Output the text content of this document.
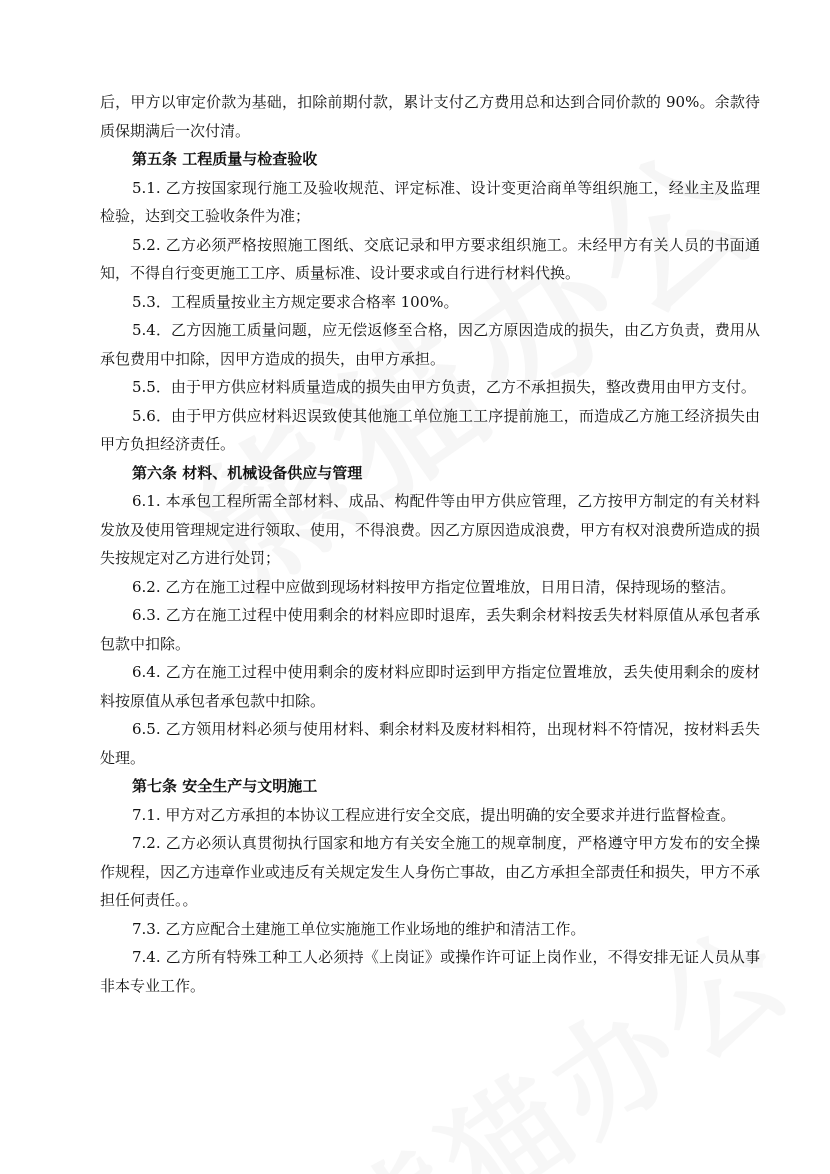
后，甲方以审定价款为基础，扣除前期付款，累计支付乙方费用总和达到合同价款的 90%。余款待质保期满后一次付清。

第五条 工程质量与检查验收

5.1. 乙方按国家现行施工及验收规范、评定标准、设计变更洽商单等组织施工，经业主及监理检验，达到交工验收条件为准；

5.2. 乙方必须严格按照施工图纸、交底记录和甲方要求组织施工。未经甲方有关人员的书面通知，不得自行变更施工工序、质量标准、设计要求或自行进行材料代换。

5.3．工程质量按业主方规定要求合格率 100%。

5.4．乙方因施工质量问题，应无偿返修至合格，因乙方原因造成的损失，由乙方负责，费用从承包费用中扣除，因甲方造成的损失，由甲方承担。

5.5．由于甲方供应材料质量造成的损失由甲方负责，乙方不承担损失，整改费用由甲方支付。

5.6．由于甲方供应材料迟误致使其他施工单位施工工序提前施工，而造成乙方施工经济损失由甲方负担经济责任。

第六条 材料、机械设备供应与管理

6.1. 本承包工程所需全部材料、成品、构配件等由甲方供应管理，乙方按甲方制定的有关材料发放及使用管理规定进行领取、使用，不得浪费。因乙方原因造成浪费，甲方有权对浪费所造成的损失按规定对乙方进行处罚；

6.2. 乙方在施工过程中应做到现场材料按甲方指定位置堆放，日用日清，保持现场的整洁。

6.3. 乙方在施工过程中使用剩余的材料应即时退库，丢失剩余材料按丢失材料原值从承包者承包款中扣除。

6.4. 乙方在施工过程中使用剩余的废材料应即时运到甲方指定位置堆放，丢失使用剩余的废材料按原值从承包者承包款中扣除。

6.5. 乙方领用材料必须与使用材料、剩余材料及废材料相符，出现材料不符情况，按材料丢失处理。

第七条 安全生产与文明施工

7.1. 甲方对乙方承担的本协议工程应进行安全交底，提出明确的安全要求并进行监督检查。

7.2. 乙方必须认真贯彻执行国家和地方有关安全施工的规章制度，严格遵守甲方发布的安全操作规程，因乙方违章作业或违反有关规定发生人身伤亡事故，由乙方承担全部责任和损失，甲方不承担任何责任。。

7.3. 乙方应配合土建施工单位实施施工作业场地的维护和清洁工作。

7.4. 乙方所有特殊工种工人必须持《上岗证》或操作许可证上岗作业，不得安排无证人员从事非本专业工作。
